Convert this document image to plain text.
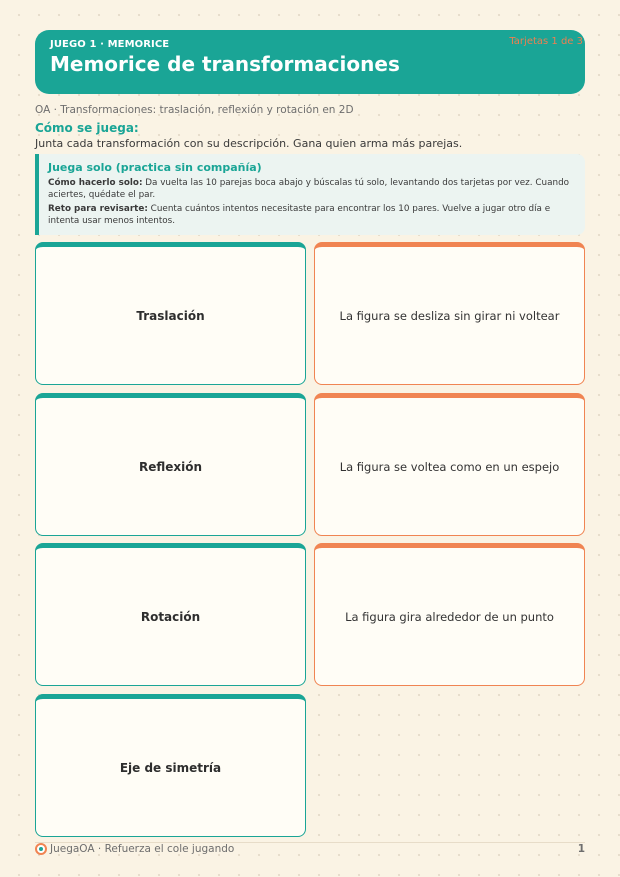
JUEGO 1 · MEMORICE
Memorice de transformaciones
Tarjetas 1 de 3
OA · Transformaciones: traslación, reflexión y rotación en 2D
Cómo se juega:
Junta cada transformación con su descripción. Gana quien arma más parejas.
Juega solo (practica sin compañía)

Cómo hacerlo solo: Da vuelta las 10 parejas boca abajo y búscalas tú solo, levantando dos tarjetas por vez. Cuando aciertes, quédate el par.

Reto para revisarte: Cuenta cuántos intentos necesitaste para encontrar los 10 pares. Vuelve a jugar otro día e intenta usar menos intentos.

Traslación	La figura se desliza sin girar ni voltear
Reflexión	La figura se voltea como en un espejo
Rotación	La figura gira alrededor de un punto
Eje de simetría
JuegaOA · Refuerza el cole jugando	1
